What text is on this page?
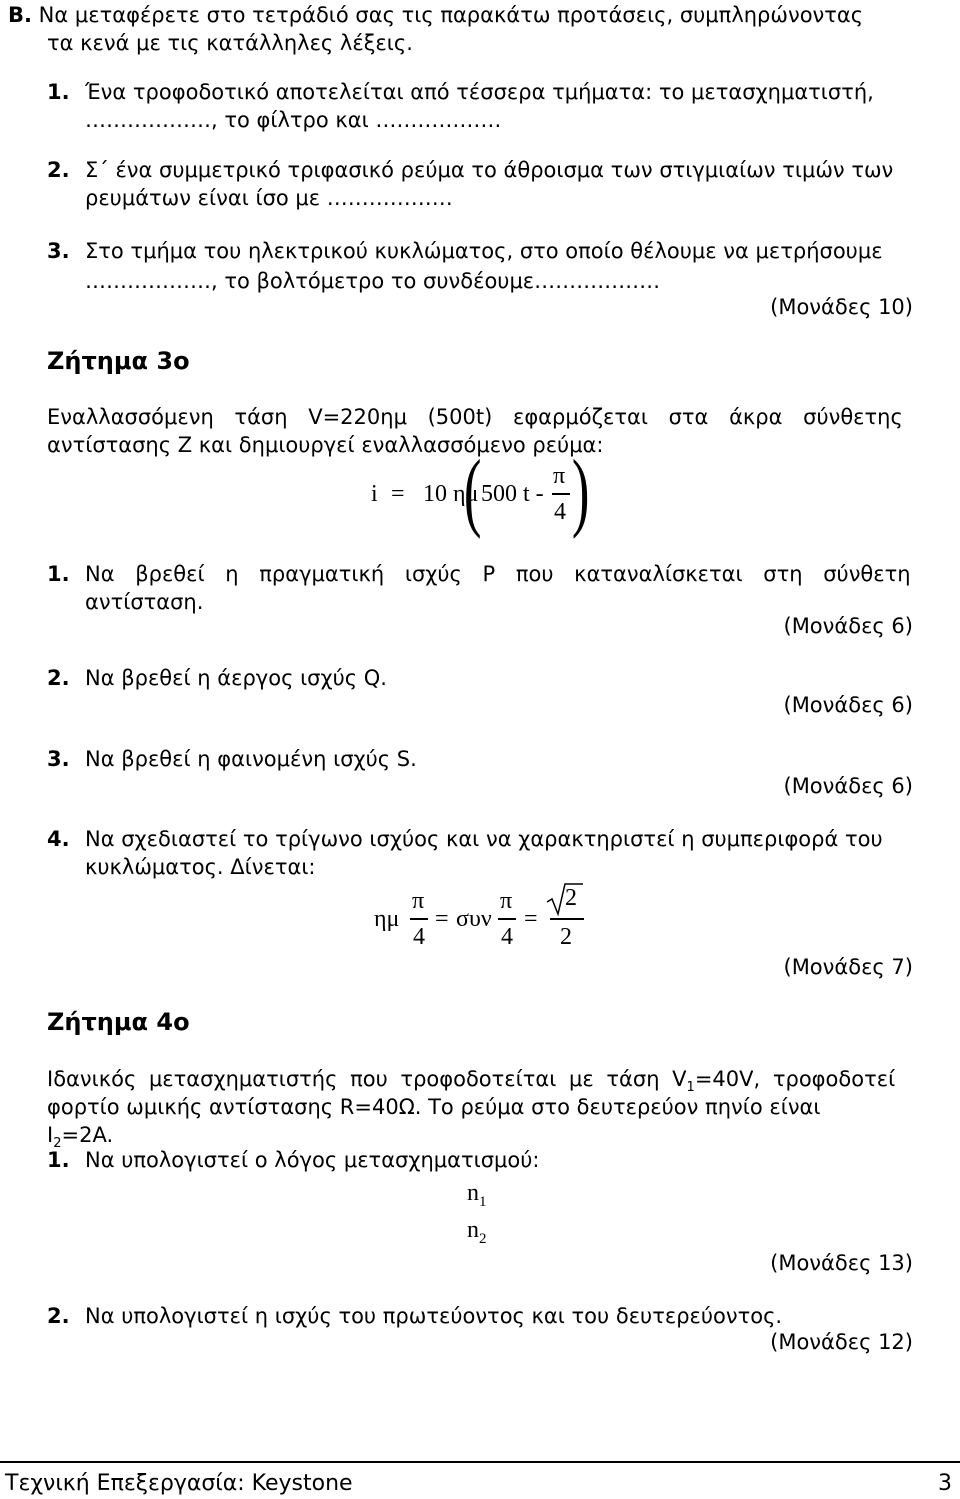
Β. Να μεταφέρετε στο τετράδιό σας τις παρακάτω προτάσεις, συμπληρώνοντας
τα κενά με τις κατάλληλες λέξεις.
1. Ένα τροφοδοτικό αποτελείται από τέσσερα τμήματα: το μετασχηματιστή,
………………, το φίλτρο και ………………
2. Σ΄ ένα συμμετρικό τριφασικό ρεύμα το άθροισμα των στιγμιαίων τιμών των
ρευμάτων είναι ίσο με ………………
3. Στο τμήμα του ηλεκτρικού κυκλώματος, στο οποίο θέλουμε να μετρήσουμε
………………, το βολτόμετρο το συνδέουμε………………
(Μονάδες 10)
Ζήτημα 3ο
Εναλλασσόμενη τάση V=220ημ (500t) εφαρμόζεται στα άκρα σύνθετης
αντίστασης Ζ και δημιουργεί εναλλασσόμενο ρεύμα:
i = 10 ημ
( 500 t -
π
4 )
1. Να βρεθεί η πραγματική ισχύς Ρ που καταναλίσκεται στη σύνθετη
αντίσταση.
(Μονάδες 6)
2. Να βρεθεί η άεργος ισχύς Q.
(Μονάδες 6)
3. Να βρεθεί η φαινομένη ισχύς S.
(Μονάδες 6)
4. Να σχεδιαστεί το τρίγωνο ισχύος και να χαρακτηριστεί η συμπεριφορά του
κυκλώματος. Δίνεται:
ημ
π
4
= συν
π
4
=
2
2
(Μονάδες 7)
Ζήτημα 4ο
Ιδανικός μετασχηματιστής που τροφοδοτείται με τάση $V_1=40V$, τροφοδοτεί
φορτίο ωμικής αντίστασης R=40Ω. Το ρεύμα στο δευτερεύον πηνίο είναι
$I_2=2A$.
1. Να υπολογιστεί ο λόγος μετασχηματισμού:
$n_1$
$n_2$
(Μονάδες 13)
2. Να υπολογιστεί η ισχύς του πρωτεύοντος και του δευτερεύοντος.
(Μονάδες 12)
Τεχνική Επεξεργασία: Keystone	3
